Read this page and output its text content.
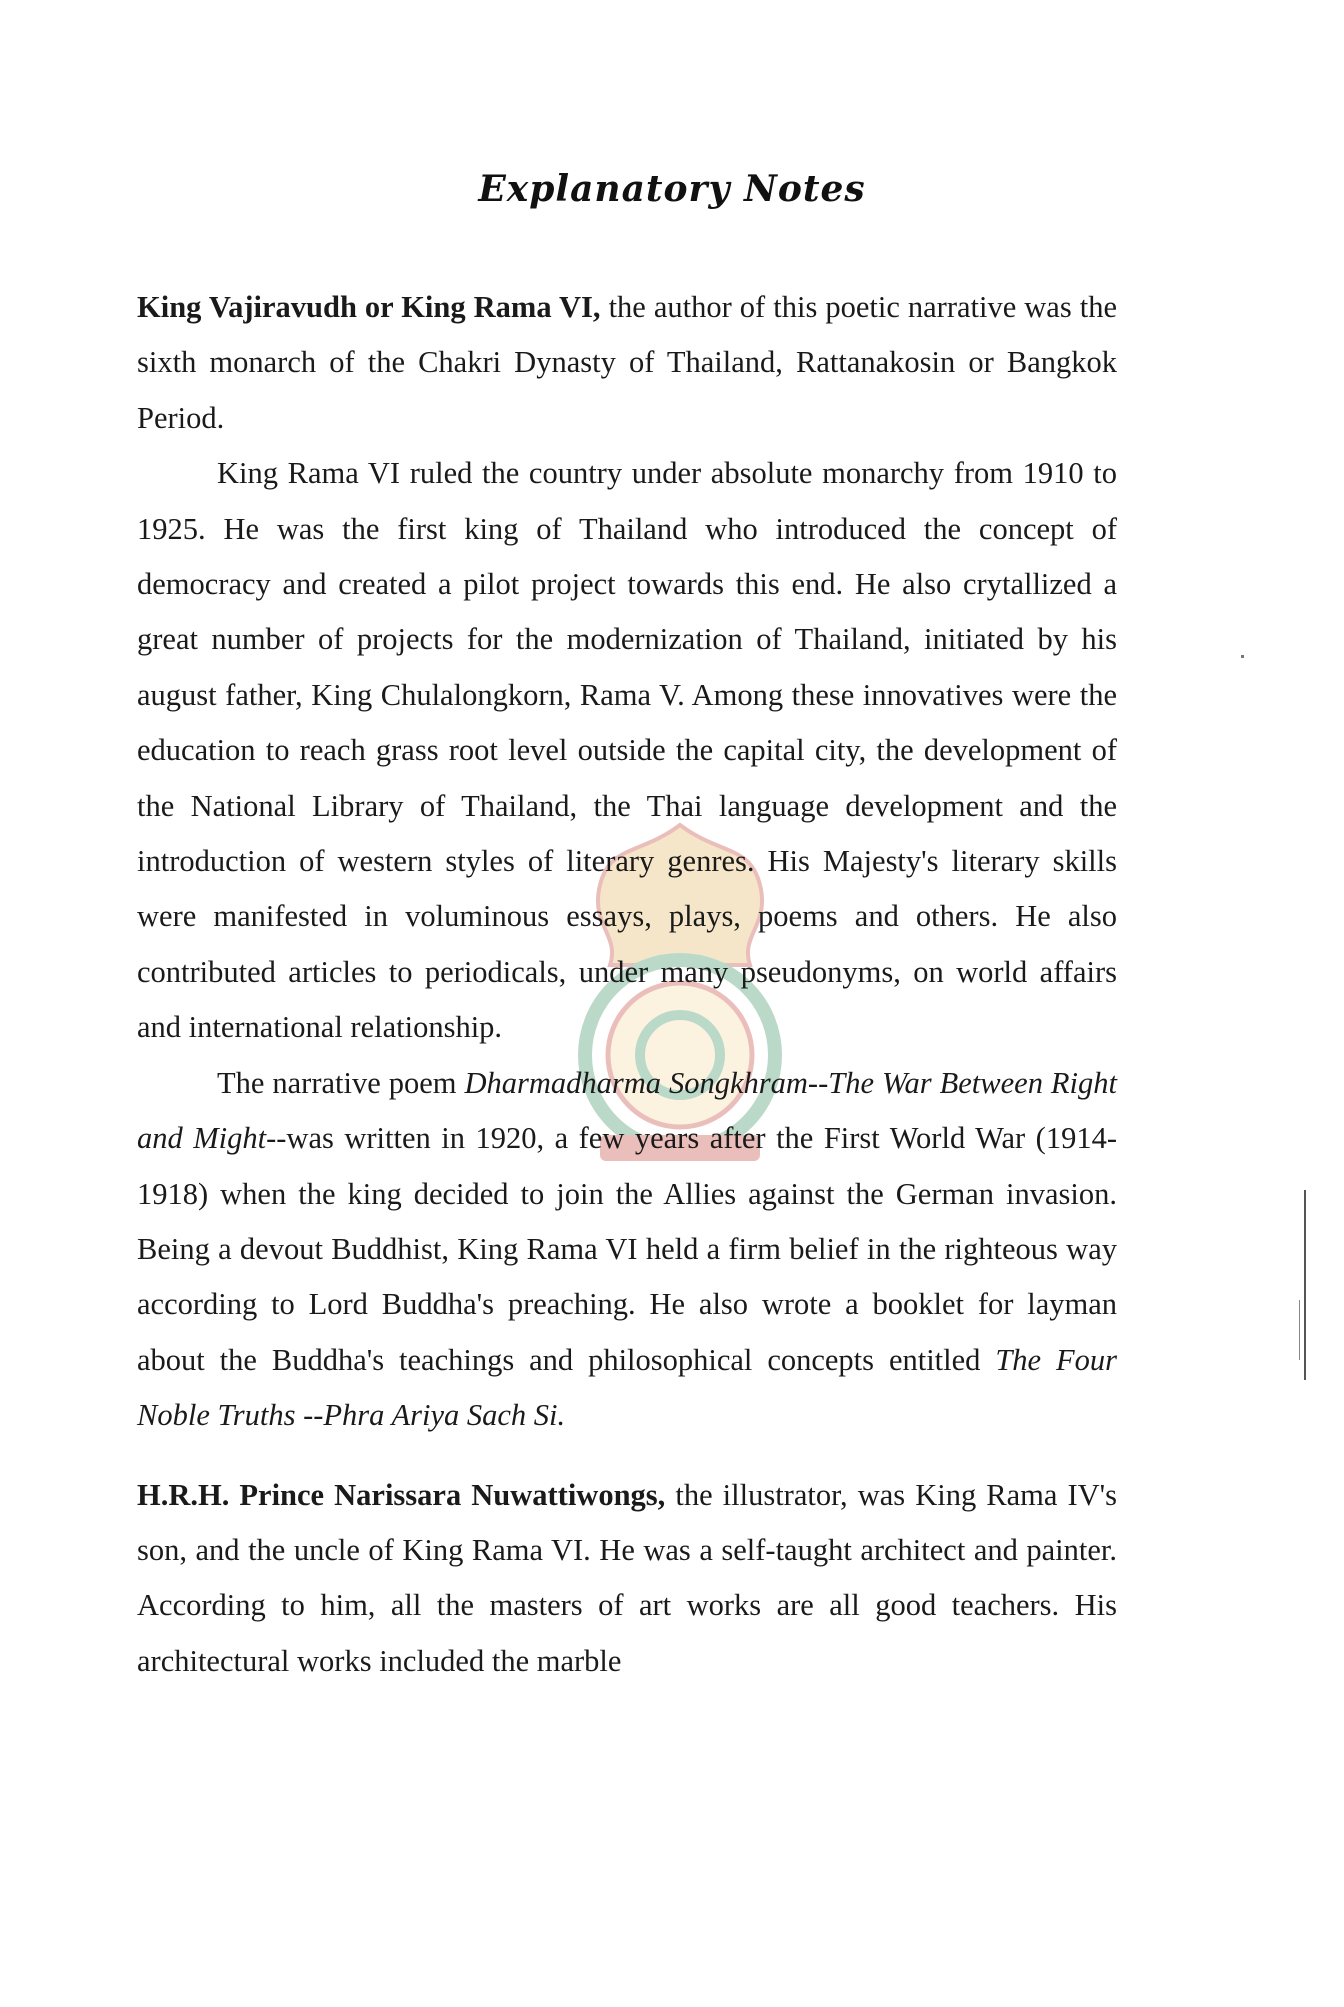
Explanatory Notes

King Vajiravudh or King Rama VI, the author of this poetic narrative was the sixth monarch of the Chakri Dynasty of Thailand, Rattanakosin or Bangkok Period.

King Rama VI ruled the country under absolute monarchy from 1910 to 1925. He was the first king of Thailand who introduced the concept of democracy and created a pilot project towards this end. He also crytallized a great number of projects for the modernization of Thailand, initiated by his august father, King Chulalongkorn, Rama V. Among these innovatives were the education to reach grass root level outside the capital city, the development of the National Library of Thailand, the Thai language development and the introduction of western styles of literary genres. His Majesty's literary skills were manifested in voluminous essays, plays, poems and others. He also contributed articles to periodicals, under many pseudonyms, on world affairs and international relationship.

The narrative poem Dharmadharma Songkhram--The War Between Right and Might--was written in 1920, a few years after the First World War (1914-1918) when the king decided to join the Allies against the German invasion. Being a devout Buddhist, King Rama VI held a firm belief in the righteous way according to Lord Buddha's preaching. He also wrote a booklet for layman about the Buddha's teachings and philosophical concepts entitled The Four Noble Truths --Phra Ariya Sach Si.

H.R.H. Prince Narissara Nuwattiwongs, the illustrator, was King Rama IV's son, and the uncle of King Rama VI. He was a self-taught architect and painter. According to him, all the masters of art works are all good teachers. His architectural works included the marble
